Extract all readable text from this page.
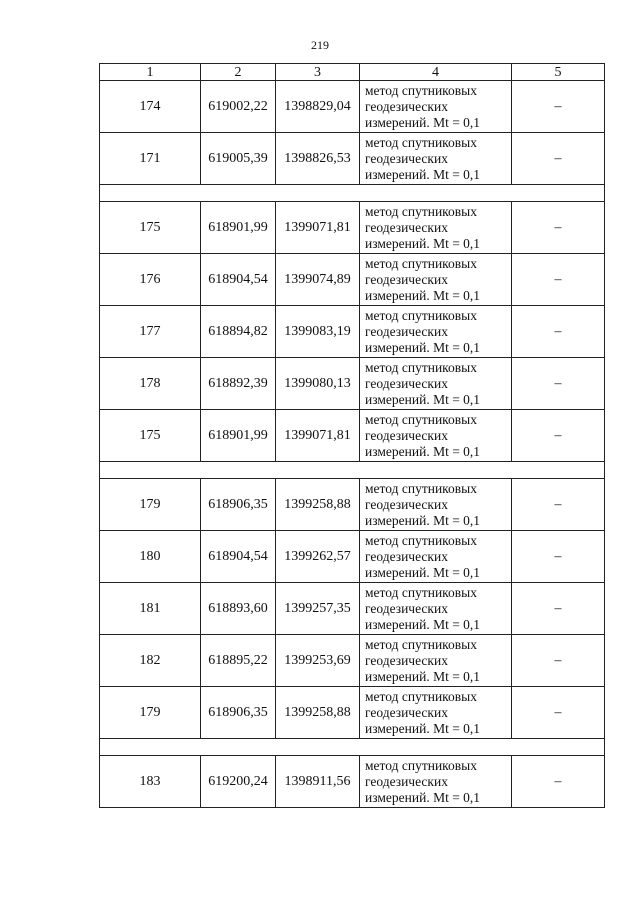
219
1	2	3	4	5
174	619002,22	1398829,04	метод спутниковых геодезических измерений. Mt = 0,1	–
171	619005,39	1398826,53	метод спутниковых геодезических измерений. Mt = 0,1	–

175	618901,99	1399071,81	метод спутниковых геодезических измерений. Mt = 0,1	–
176	618904,54	1399074,89	метод спутниковых геодезических измерений. Mt = 0,1	–
177	618894,82	1399083,19	метод спутниковых геодезических измерений. Mt = 0,1	–
178	618892,39	1399080,13	метод спутниковых геодезических измерений. Mt = 0,1	–
175	618901,99	1399071,81	метод спутниковых геодезических измерений. Mt = 0,1	–

179	618906,35	1399258,88	метод спутниковых геодезических измерений. Mt = 0,1	–
180	618904,54	1399262,57	метод спутниковых геодезических измерений. Mt = 0,1	–
181	618893,60	1399257,35	метод спутниковых геодезических измерений. Mt = 0,1	–
182	618895,22	1399253,69	метод спутниковых геодезических измерений. Mt = 0,1	–
179	618906,35	1399258,88	метод спутниковых геодезических измерений. Mt = 0,1	–

183	619200,24	1398911,56	метод спутниковых геодезических измерений. Mt = 0,1	–
